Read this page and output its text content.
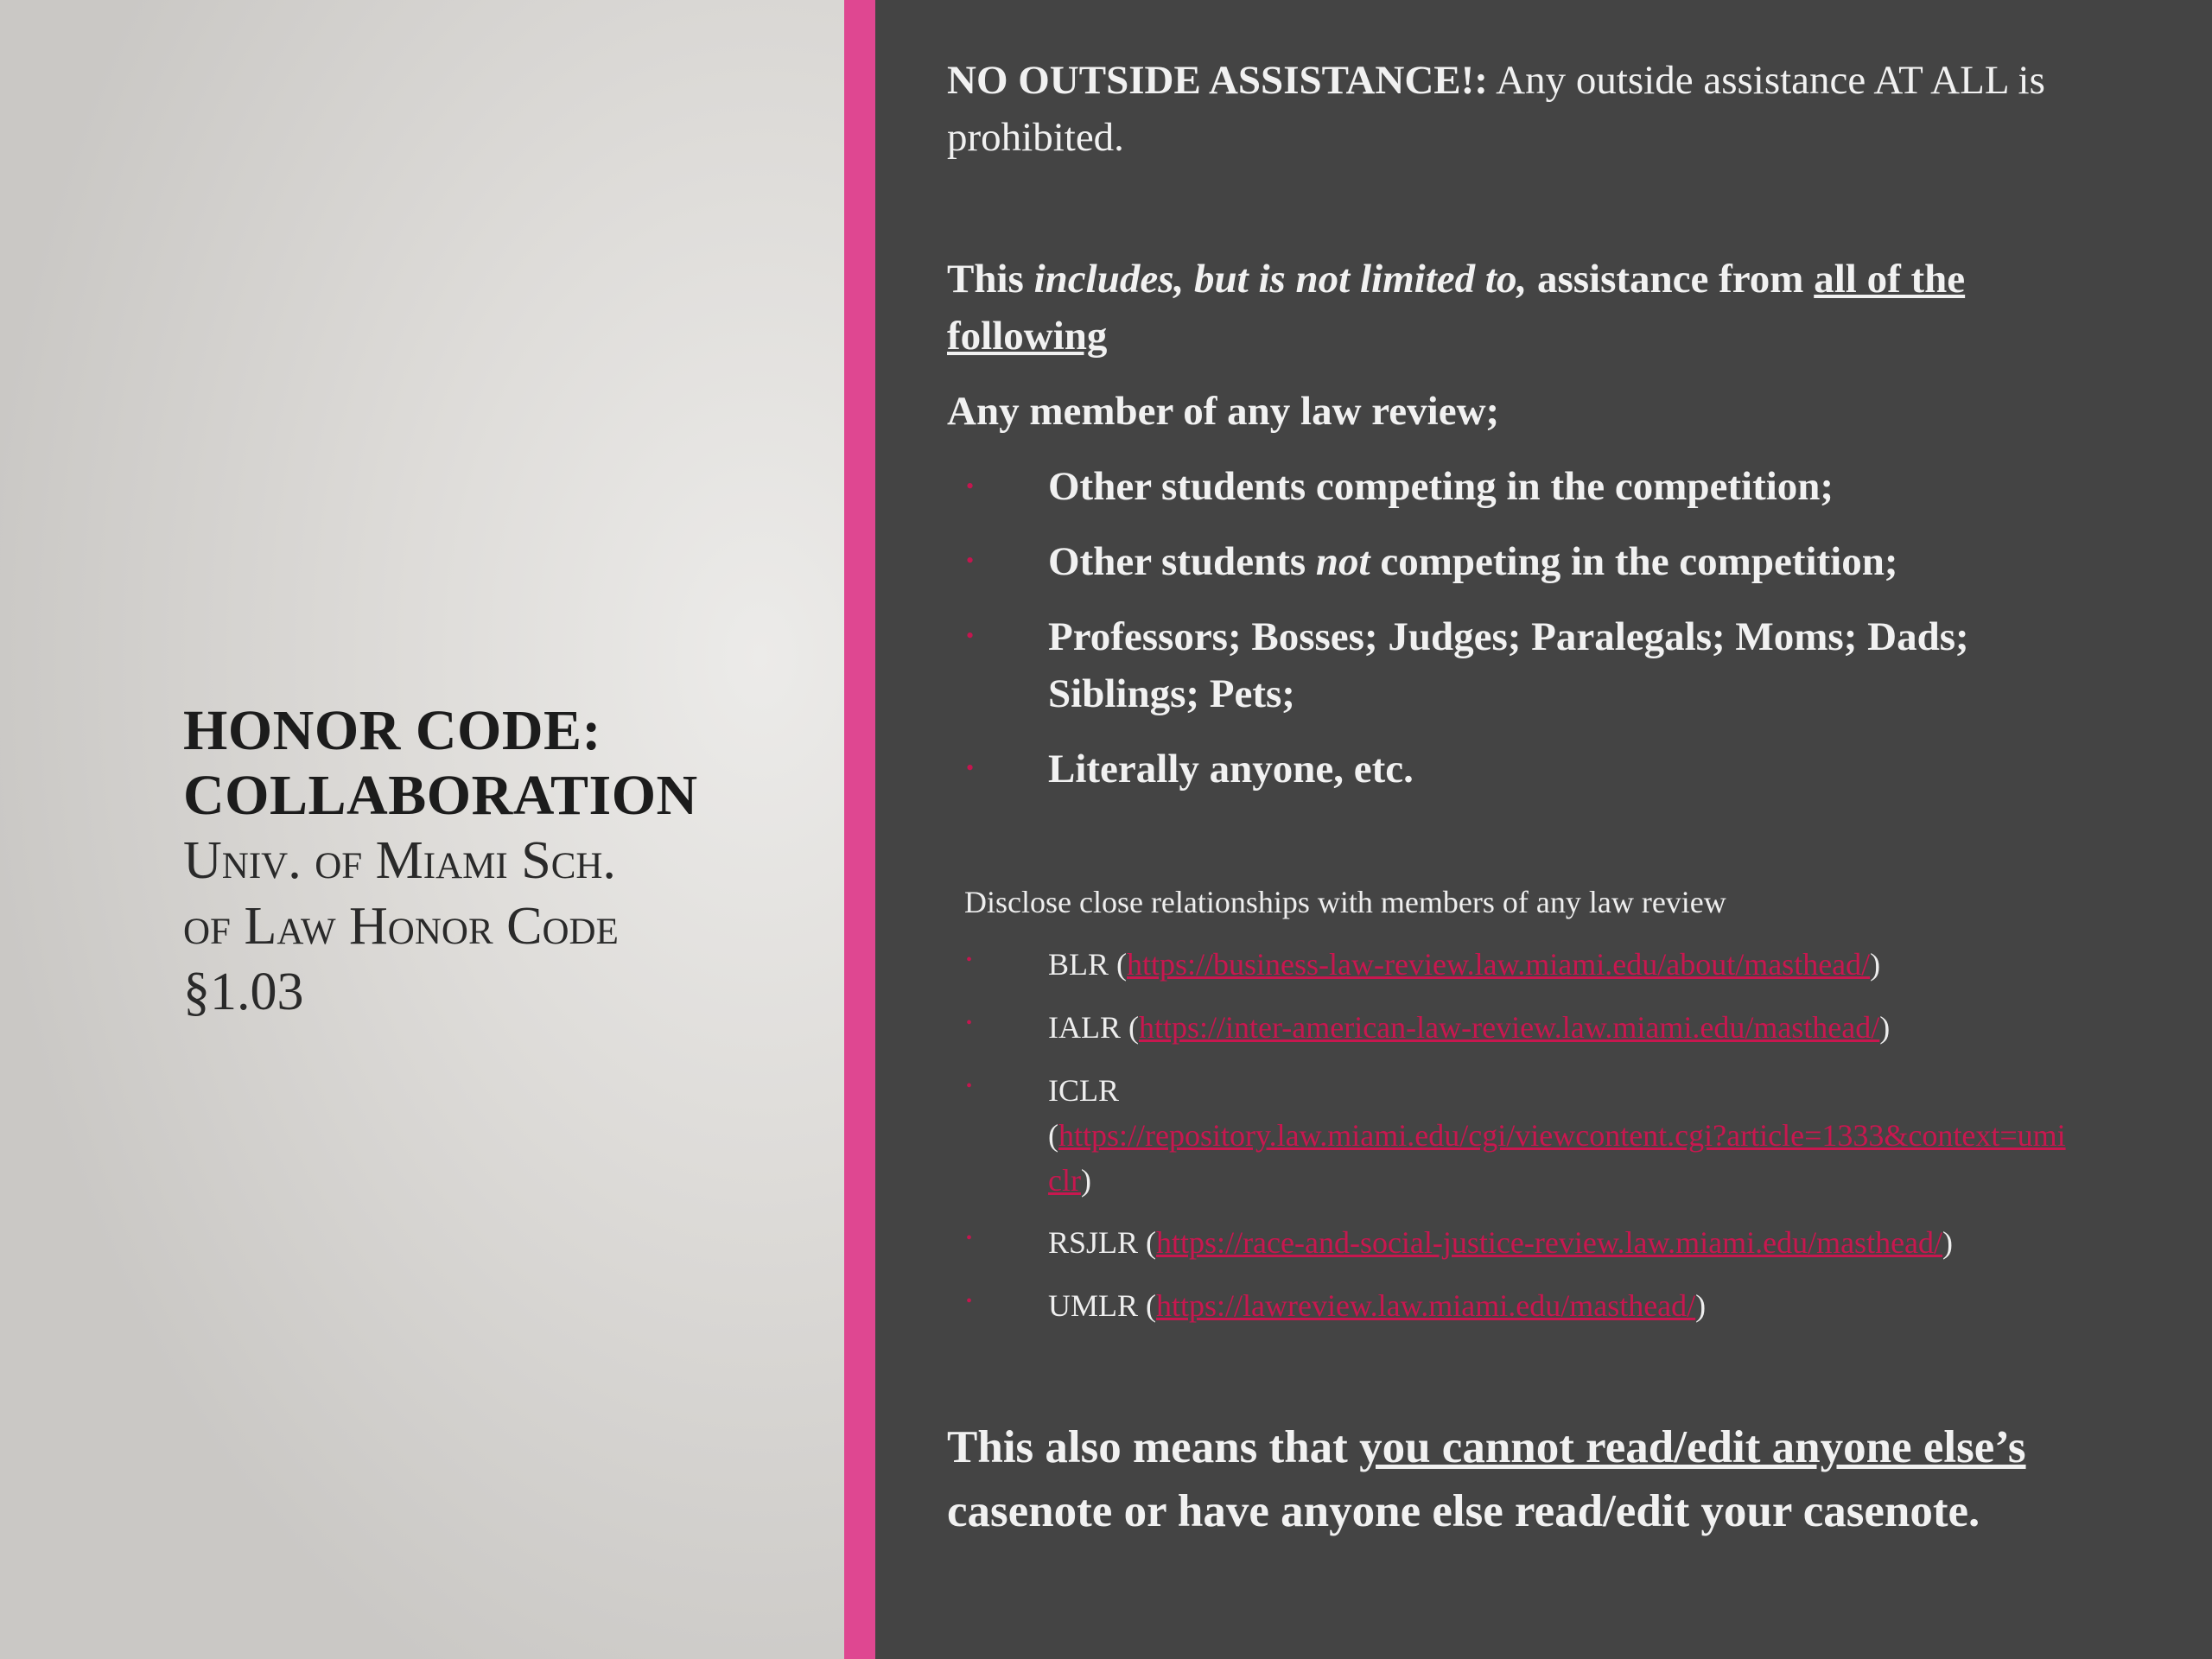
HONOR CODE:
COLLABORATION
Univ. of Miami Sch.
of Law Honor Code
§1.03
NO OUTSIDE ASSISTANCE!: Any outside assistance AT ALL is
prohibited.
This includes, but is not limited to, assistance from all of the
following
Any member of any law review;
• Other students competing in the competition;
• Other students not competing in the competition;
• Professors; Bosses; Judges; Paralegals; Moms; Dads;
Siblings; Pets;
• Literally anyone, etc.
Disclose close relationships with members of any law review
• BLR (https://business-law-review.law.miami.edu/about/masthead/)
• IALR (https://inter-american-law-review.law.miami.edu/masthead/)
• ICLR
(https://repository.law.miami.edu/cgi/viewcontent.cgi?article=1333&context=umi
clr)
• RSJLR (https://race-and-social-justice-review.law.miami.edu/masthead/)
• UMLR (https://lawreview.law.miami.edu/masthead/)
This also means that you cannot read/edit anyone else’s
casenote or have anyone else read/edit your casenote.
